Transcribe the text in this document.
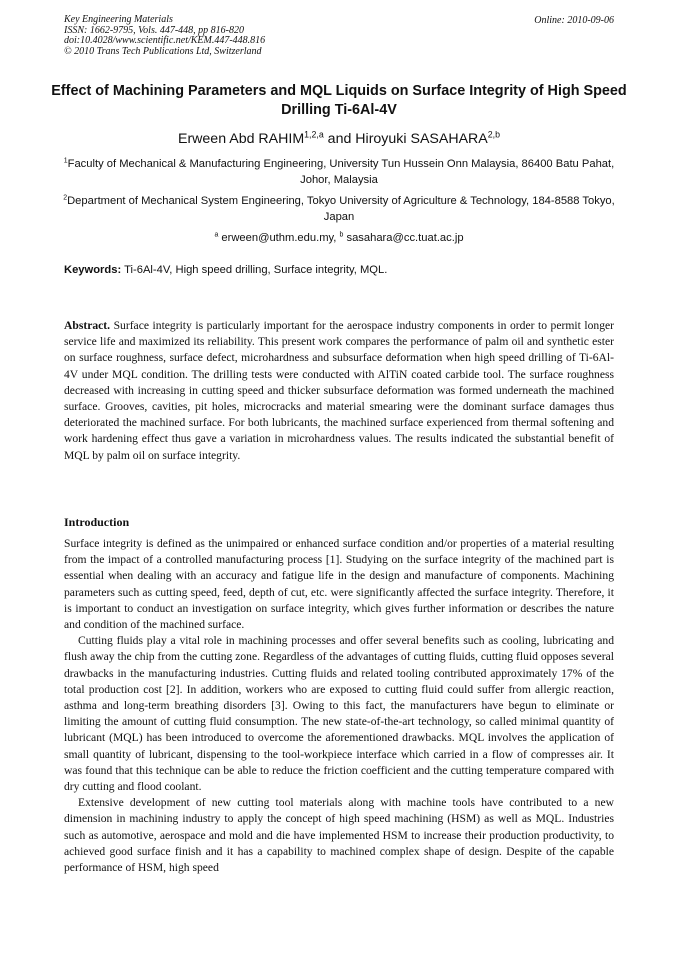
Key Engineering Materials
ISSN: 1662-9795, Vols. 447-448, pp 816-820
doi:10.4028/www.scientific.net/KEM.447-448.816
© 2010 Trans Tech Publications Ltd, Switzerland
Online: 2010-09-06
Effect of Machining Parameters and MQL Liquids on Surface Integrity of High Speed Drilling Ti-6Al-4V
Erween Abd RAHIM$^{1,2,a}$ and Hiroyuki SASAHARA$^{2,b}$
$^1$Faculty of Mechanical & Manufacturing Engineering, University Tun Hussein Onn Malaysia, 86400 Batu Pahat, Johor, Malaysia
$^2$Department of Mechanical System Engineering, Tokyo University of Agriculture & Technology, 184-8588 Tokyo, Japan
$^a$ erween@uthm.edu.my, $^b$ sasahara@cc.tuat.ac.jp
Keywords: Ti-6Al-4V, High speed drilling, Surface integrity, MQL.

Abstract. Surface integrity is particularly important for the aerospace industry components in order to permit longer service life and maximized its reliability. This present work compares the performance of palm oil and synthetic ester on surface roughness, surface defect, microhardness and subsurface deformation when high speed drilling of Ti-6Al-4V under MQL condition. The drilling tests were conducted with AlTiN coated carbide tool. The surface roughness decreased with increasing in cutting speed and thicker subsurface deformation was formed underneath the machined surface. Grooves, cavities, pit holes, microcracks and material smearing were the dominant surface damages thus deteriorated the machined surface. For both lubricants, the machined surface experienced from thermal softening and work hardening effect thus gave a variation in microhardness values. The results indicated the substantial benefit of MQL by palm oil on surface integrity.

Introduction

Surface integrity is defined as the unimpaired or enhanced surface condition and/or properties of a material resulting from the impact of a controlled manufacturing process [1]. Studying on the surface integrity of the machined part is essential when dealing with an accuracy and fatigue life in the design and manufacture of components. Machining parameters such as cutting speed, feed, depth of cut, etc. were significantly affected the surface integrity. Therefore, it is important to conduct an investigation on surface integrity, which gives further information or describes the nature and condition of the machined surface.

Cutting fluids play a vital role in machining processes and offer several benefits such as cooling, lubricating and flush away the chip from the cutting zone. Regardless of the advantages of cutting fluids, cutting fluid opposes several drawbacks in the manufacturing industries. Cutting fluids and related tooling contributed approximately 17% of the total production cost [2]. In addition, workers who are exposed to cutting fluid could suffer from allergic reaction, asthma and long-term breathing disorders [3]. Owing to this fact, the manufacturers have begun to eliminate or limiting the amount of cutting fluid consumption. The new state-of-the-art technology, so called minimal quantity of lubricant (MQL) has been introduced to overcome the aforementioned drawbacks. MQL involves the application of small quantity of lubricant, dispensing to the tool-workpiece interface which carried in a flow of compresses air. It was found that this technique can be able to reduce the friction coefficient and the cutting temperature compared with dry cutting and flood coolant.

Extensive development of new cutting tool materials along with machine tools have contributed to a new dimension in machining industry to apply the concept of high speed machining (HSM) as well as MQL. Industries such as automotive, aerospace and mold and die have implemented HSM to increase their production productivity, to achieved good surface finish and it has a capability to machined complex shape of design. Despite of the capable performance of HSM, high speed
